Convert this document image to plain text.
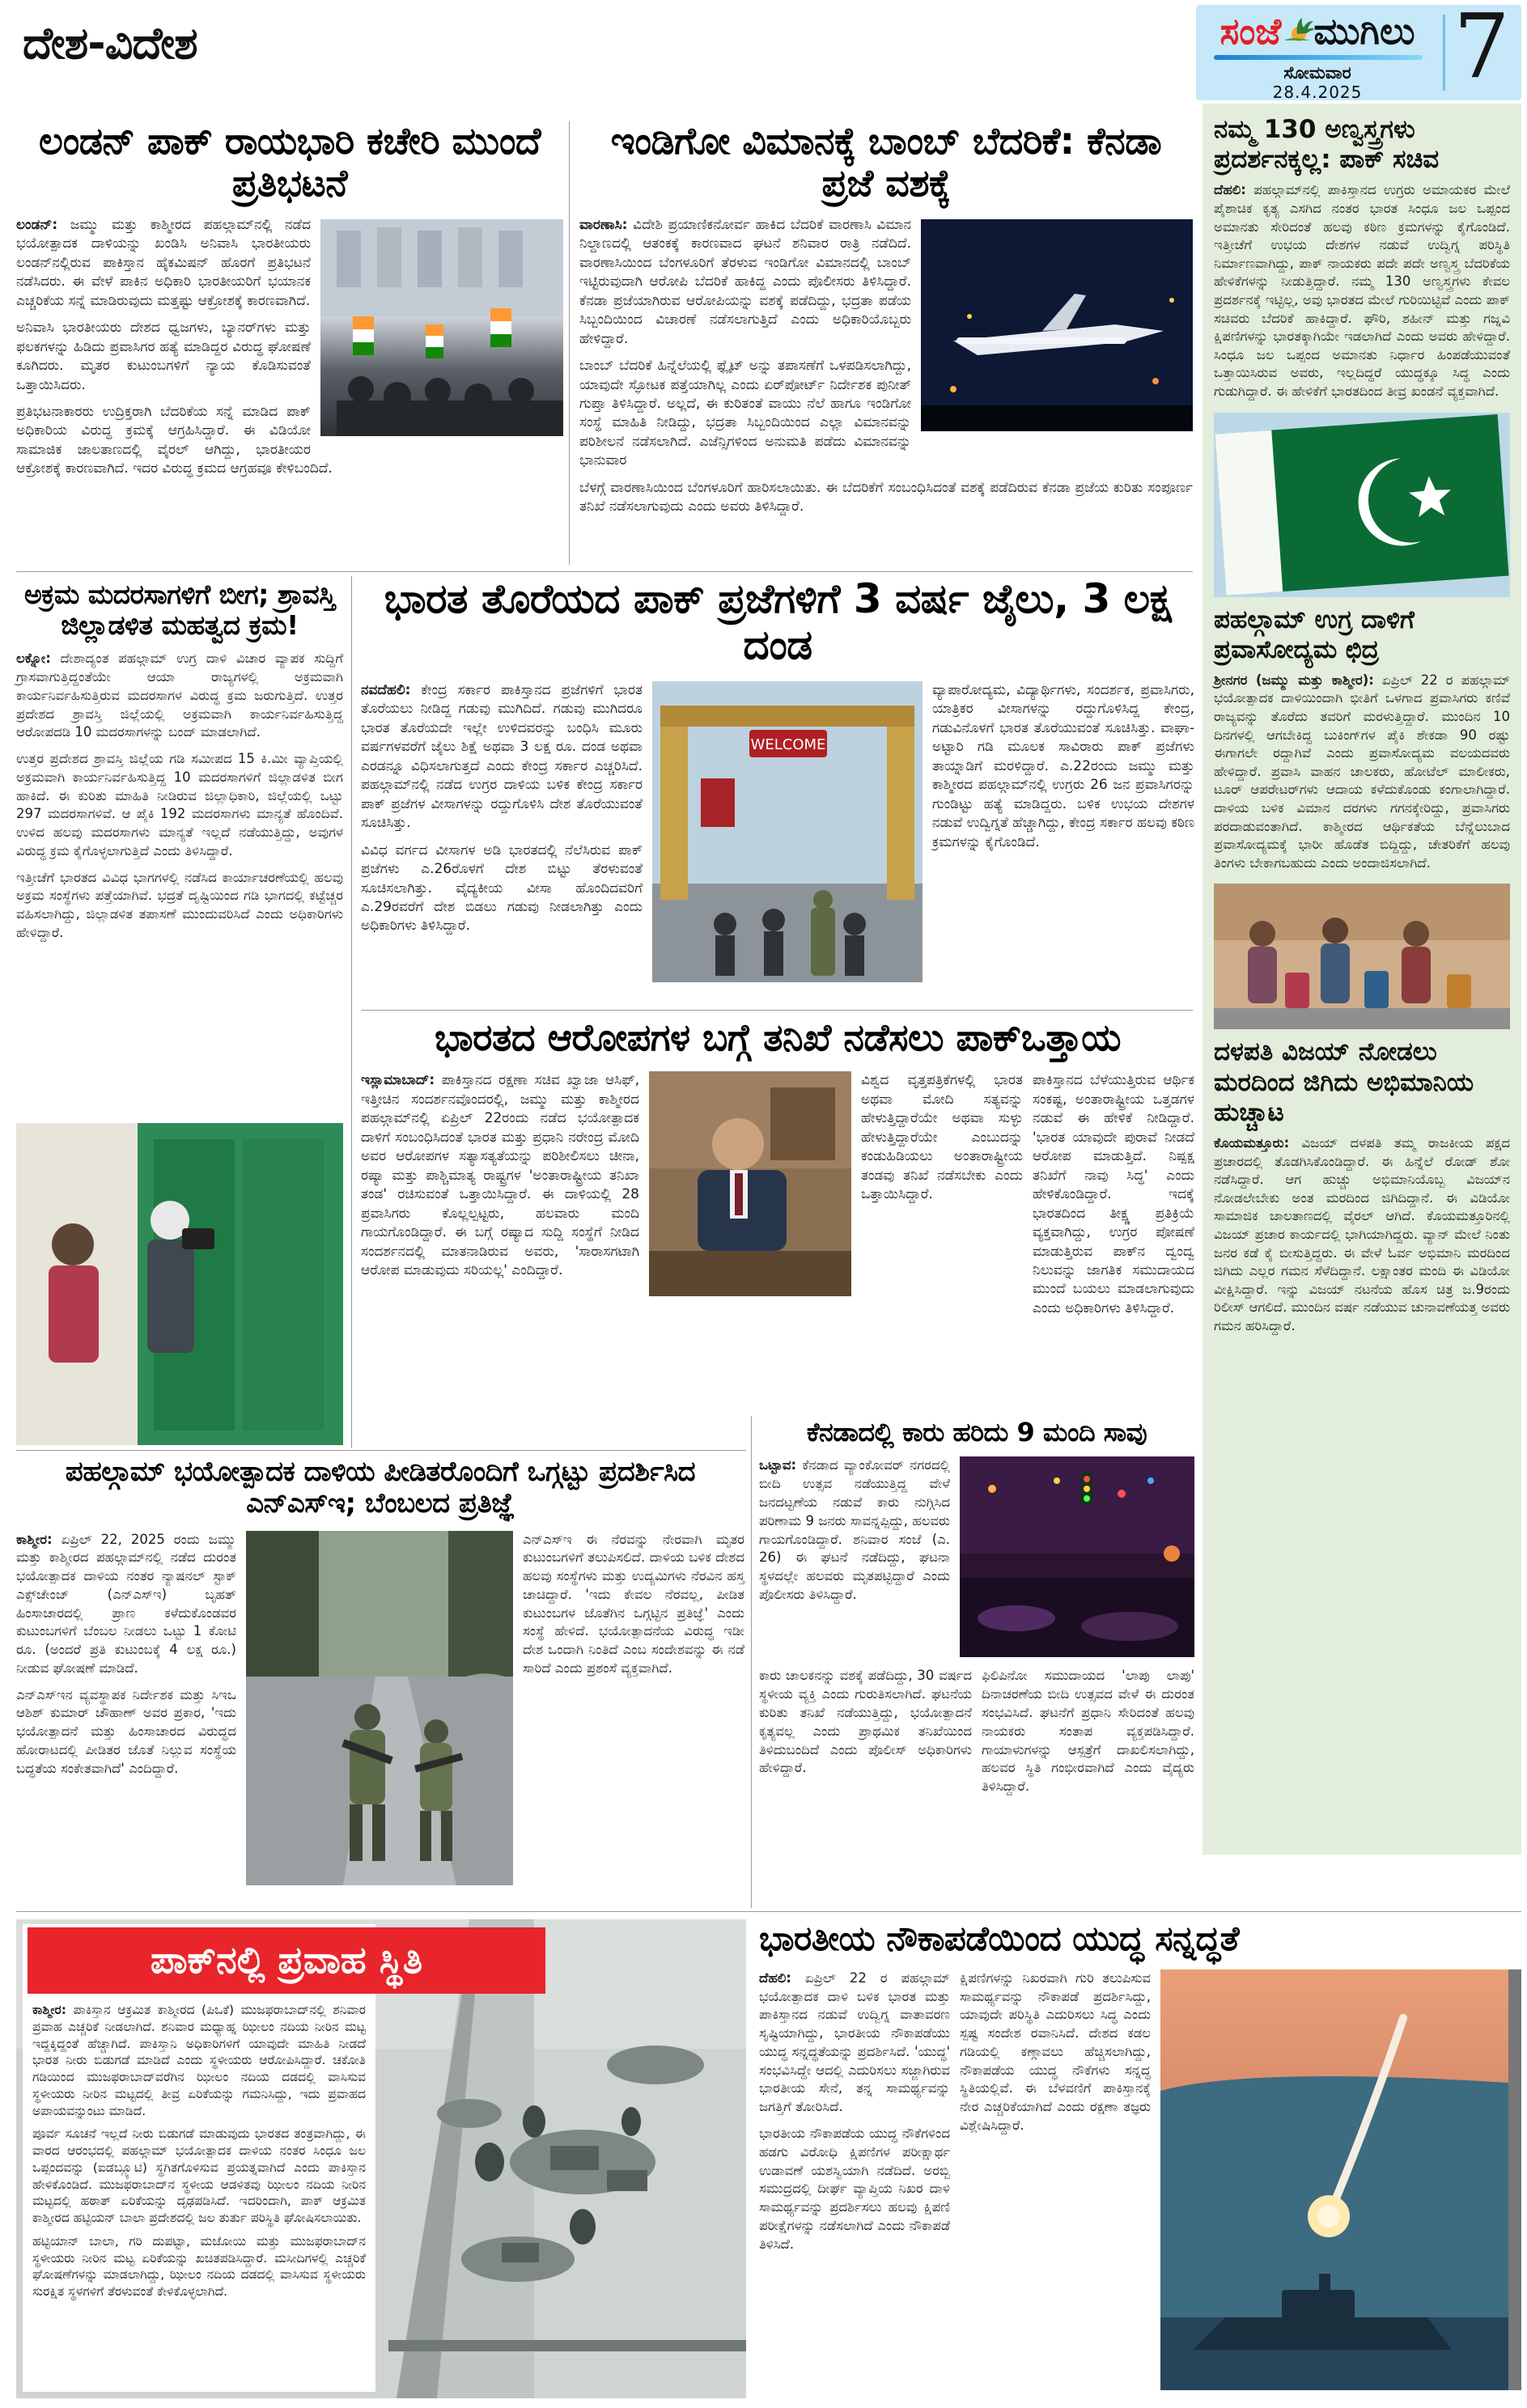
ದೇಶ-ವಿದೇಶ	ಸಂಜೆ ಮುಗಿಲು
ಸೋಮವಾರ
28.4.2025	7
ಲಂಡನ್ ಪಾಕ್ ರಾಯಭಾರಿ ಕಚೇರಿ ಮುಂದೆ ಪ್ರತಿಭಟನೆ

ಲಂಡನ್: ಜಮ್ಮು ಮತ್ತು ಕಾಶ್ಮೀರದ ಪಹಲ್ಗಾಮ್‌ನಲ್ಲಿ ನಡೆದ ಭಯೋತ್ಪಾದಕ ದಾಳಿಯನ್ನು ಖಂಡಿಸಿ ಅನಿವಾಸಿ ಭಾರತೀಯರು ಲಂಡನ್‌ನಲ್ಲಿರುವ ಪಾಕಿಸ್ತಾನ ಹೈಕಮಿಷನ್ ಹೊರಗೆ ಪ್ರತಿಭಟನೆ ನಡೆಸಿದರು. ಈ ವೇಳೆ ಪಾಕಿನ ಅಧಿಕಾರಿ ಭಾರತೀಯರಿಗೆ ಭಯಾನಕ ಎಚ್ಚರಿಕೆಯ ಸನ್ನೆ ಮಾಡಿರುವುದು ಮತ್ತಷ್ಟು ಆಕ್ರೋಶಕ್ಕೆ ಕಾರಣವಾಗಿದೆ.

ಅನಿವಾಸಿ ಭಾರತೀಯರು ದೇಶದ ಧ್ವಜಗಳು, ಬ್ಯಾನರ್‌ಗಳು ಮತ್ತು ಫಲಕಗಳನ್ನು ಹಿಡಿದು ಪ್ರವಾಸಿಗರ ಹತ್ಯೆ ಮಾಡಿದ್ದರ ವಿರುದ್ಧ ಘೋಷಣೆ ಕೂಗಿದರು. ಮೃತರ ಕುಟುಂಬಗಳಿಗೆ ನ್ಯಾಯ ಕೊಡಿಸುವಂತೆ ಒತ್ತಾಯಿಸಿದರು.

ಪ್ರತಿಭಟನಾಕಾರರು ಉದ್ರಿಕ್ತರಾಗಿ ಬೆದರಿಕೆಯ ಸನ್ನೆ ಮಾಡಿದ ಪಾಕ್ ಅಧಿಕಾರಿಯ ವಿರುದ್ಧ ಕ್ರಮಕ್ಕೆ ಆಗ್ರಹಿಸಿದ್ದಾರೆ. ಈ ವಿಡಿಯೋ ಸಾಮಾಜಿಕ ಜಾಲತಾಣದಲ್ಲಿ ವೈರಲ್ ಆಗಿದ್ದು, ಭಾರತೀಯರ ಆಕ್ರೋಶಕ್ಕೆ ಕಾರಣವಾಗಿದೆ. ಇದರ ವಿರುದ್ಧ ಕ್ರಮದ ಆಗ್ರಹವೂ ಕೇಳಿಬಂದಿದೆ.

ಇಂಡಿಗೋ ವಿಮಾನಕ್ಕೆ ಬಾಂಬ್ ಬೆದರಿಕೆ: ಕೆನಡಾ ಪ್ರಜೆ ವಶಕ್ಕೆ

ವಾರಣಾಸಿ: ವಿದೇಶಿ ಪ್ರಯಾಣಿಕನೋರ್ವ ಹಾಕಿದ ಬೆದರಿಕೆ ವಾರಣಾಸಿ ವಿಮಾನ ನಿಲ್ದಾಣದಲ್ಲಿ ಆತಂಕಕ್ಕೆ ಕಾರಣವಾದ ಘಟನೆ ಶನಿವಾರ ರಾತ್ರಿ ನಡೆದಿದೆ. ವಾರಣಾಸಿಯಿಂದ ಬೆಂಗಳೂರಿಗೆ ತೆರಳುವ ಇಂಡಿಗೋ ವಿಮಾನದಲ್ಲಿ ಬಾಂಬ್ ಇಟ್ಟಿರುವುದಾಗಿ ಆರೋಪಿ ಬೆದರಿಕೆ ಹಾಕಿದ್ದ ಎಂದು ಪೊಲೀಸರು ತಿಳಿಸಿದ್ದಾರೆ. ಕೆನಡಾ ಪ್ರಜೆಯಾಗಿರುವ ಆರೋಪಿಯನ್ನು ವಶಕ್ಕೆ ಪಡೆದಿದ್ದು, ಭದ್ರತಾ ಪಡೆಯ ಸಿಬ್ಬಂದಿಯಿಂದ ವಿಚಾರಣೆ ನಡೆಸಲಾಗುತ್ತಿದೆ ಎಂದು ಅಧಿಕಾರಿಯೊಬ್ಬರು ಹೇಳಿದ್ದಾರೆ.

ಬಾಂಬ್ ಬೆದರಿಕೆ ಹಿನ್ನೆಲೆಯಲ್ಲಿ ಫ್ಲೈಟ್ ಅನ್ನು ತಪಾಸಣೆಗೆ ಒಳಪಡಿಸಲಾಗಿದ್ದು, ಯಾವುದೇ ಸ್ಫೋಟಕ ಪತ್ತೆಯಾಗಿಲ್ಲ ಎಂದು ಏರ್‌ಪೋರ್ಟ್ ನಿರ್ದೇಶಕ ಪುನೀತ್ ಗುಪ್ತಾ ತಿಳಿಸಿದ್ದಾರೆ. ಅಲ್ಲದೆ, ಈ ಕುರಿತಂತೆ ವಾಯು ನೆಲೆ ಹಾಗೂ ಇಂಡಿಗೋ ಸಂಸ್ಥೆ ಮಾಹಿತಿ ನೀಡಿದ್ದು, ಭದ್ರತಾ ಸಿಬ್ಬಂದಿಯಿಂದ ಎಲ್ಲಾ ವಿಮಾನವನ್ನು ಪರಿಶೀಲನೆ ನಡೆಸಲಾಗಿದೆ. ಎಜೆನ್ಸಿಗಳಿಂದ ಅನುಮತಿ ಪಡೆದು ವಿಮಾನವನ್ನು ಭಾನುವಾರ

ಬೆಳಗ್ಗೆ ವಾರಣಾಸಿಯಿಂದ ಬೆಂಗಳೂರಿಗೆ ಹಾರಿಸಲಾಯಿತು. ಈ ಬೆದರಿಕೆಗೆ ಸಂಬಂಧಿಸಿದಂತೆ ವಶಕ್ಕೆ ಪಡೆದಿರುವ ಕೆನಡಾ ಪ್ರಜೆಯ ಕುರಿತು ಸಂಪೂರ್ಣ ತನಿಖೆ ನಡೆಸಲಾಗುವುದು ಎಂದು ಅವರು ತಿಳಿಸಿದ್ದಾರೆ.

ಅಕ್ರಮ ಮದರಸಾಗಳಿಗೆ ಬೀಗ; ಶ್ರಾವಸ್ತಿ ಜಿಲ್ಲಾಡಳಿತ ಮಹತ್ವದ ಕ್ರಮ!

ಲಕ್ನೋ: ದೇಶಾದ್ಯಂತ ಪಹಲ್ಗಾಮ್ ಉಗ್ರ ದಾಳಿ ವಿಚಾರ ವ್ಯಾಪಕ ಸುದ್ದಿಗೆ ಗ್ರಾಸವಾಗುತ್ತಿದ್ದಂತೆಯೇ ಆಯಾ ರಾಜ್ಯಗಳಲ್ಲಿ ಅಕ್ರಮವಾಗಿ ಕಾರ್ಯನಿರ್ವಹಿಸುತ್ತಿರುವ ಮದರಸಾಗಳ ವಿರುದ್ಧ ಕ್ರಮ ಜರುಗುತ್ತಿದೆ. ಉತ್ತರ ಪ್ರದೇಶದ ಶ್ರಾವಸ್ತಿ ಜಿಲ್ಲೆಯಲ್ಲಿ ಅಕ್ರಮವಾಗಿ ಕಾರ್ಯನಿರ್ವಹಿಸುತ್ತಿದ್ದ ಆರೋಪದಡಿ 10 ಮದರಸಾಗಳನ್ನು ಬಂದ್ ಮಾಡಲಾಗಿದೆ.

ಉತ್ತರ ಪ್ರದೇಶದ ಶ್ರಾವಸ್ತಿ ಜಿಲ್ಲೆಯ ಗಡಿ ಸಮೀಪದ 15 ಕಿ.ಮೀ ವ್ಯಾಪ್ತಿಯಲ್ಲಿ ಅಕ್ರಮವಾಗಿ ಕಾರ್ಯನಿರ್ವಹಿಸುತ್ತಿದ್ದ 10 ಮದರಸಾಗಳಿಗೆ ಜಿಲ್ಲಾಡಳಿತ ಬೀಗ ಹಾಕಿದೆ. ಈ ಕುರಿತು ಮಾಹಿತಿ ನೀಡಿರುವ ಜಿಲ್ಲಾಧಿಕಾರಿ, ಜಿಲ್ಲೆಯಲ್ಲಿ ಒಟ್ಟು 297 ಮದರಸಾಗಳಿವೆ. ಆ ಪೈಕಿ 192 ಮದರಸಾಗಳು ಮಾನ್ಯತೆ ಹೊಂದಿವೆ. ಉಳಿದ ಹಲವು ಮದರಸಾಗಳು ಮಾನ್ಯತೆ ಇಲ್ಲದೆ ನಡೆಯುತ್ತಿದ್ದು, ಅವುಗಳ ವಿರುದ್ಧ ಕ್ರಮ ಕೈಗೊಳ್ಳಲಾಗುತ್ತಿದೆ ಎಂದು ತಿಳಿಸಿದ್ದಾರೆ.

ಇತ್ತೀಚೆಗೆ ಭಾರತದ ವಿವಿಧ ಭಾಗಗಳಲ್ಲಿ ನಡೆಸಿದ ಕಾರ್ಯಾಚರಣೆಯಲ್ಲಿ ಹಲವು ಅಕ್ರಮ ಸಂಸ್ಥೆಗಳು ಪತ್ತೆಯಾಗಿವೆ. ಭದ್ರತೆ ದೃಷ್ಟಿಯಿಂದ ಗಡಿ ಭಾಗದಲ್ಲಿ ಕಟ್ಟೆಚ್ಚರ ವಹಿಸಲಾಗಿದ್ದು, ಜಿಲ್ಲಾಡಳಿತ ತಪಾಸಣೆ ಮುಂದುವರಿಸಿದೆ ಎಂದು ಅಧಿಕಾರಿಗಳು ಹೇಳಿದ್ದಾರೆ.

ಭಾರತ ತೊರೆಯದ ಪಾಕ್ ಪ್ರಜೆಗಳಿಗೆ 3 ವರ್ಷ ಜೈಲು, 3 ಲಕ್ಷ ದಂಡ

ನವದೆಹಲಿ: ಕೇಂದ್ರ ಸರ್ಕಾರ ಪಾಕಿಸ್ತಾನದ ಪ್ರಜೆಗಳಿಗೆ ಭಾರತ ತೊರೆಯಲು ನೀಡಿದ್ದ ಗಡುವು ಮುಗಿದಿದೆ. ಗಡುವು ಮುಗಿದರೂ ಭಾರತ ತೊರೆಯದೇ ಇಲ್ಲೇ ಉಳಿದವರನ್ನು ಬಂಧಿಸಿ ಮೂರು ವರ್ಷಗಳವರೆಗೆ ಜೈಲು ಶಿಕ್ಷೆ ಅಥವಾ 3 ಲಕ್ಷ ರೂ. ದಂಡ ಅಥವಾ ಎರಡನ್ನೂ ವಿಧಿಸಲಾಗುತ್ತದೆ ಎಂದು ಕೇಂದ್ರ ಸರ್ಕಾರ ಎಚ್ಚರಿಸಿದೆ. ಪಹಲ್ಗಾಮ್‌ನಲ್ಲಿ ನಡೆದ ಉಗ್ರರ ದಾಳಿಯ ಬಳಿಕ ಕೇಂದ್ರ ಸರ್ಕಾರ ಪಾಕ್ ಪ್ರಜೆಗಳ ವೀಸಾಗಳನ್ನು ರದ್ದುಗೊಳಿಸಿ ದೇಶ ತೊರೆಯುವಂತೆ ಸೂಚಿಸಿತ್ತು.

ವಿವಿಧ ವರ್ಗದ ವೀಸಾಗಳ ಅಡಿ ಭಾರತದಲ್ಲಿ ನೆಲೆಸಿರುವ ಪಾಕ್ ಪ್ರಜೆಗಳು ಎ.26ರೊಳಗೆ ದೇಶ ಬಿಟ್ಟು ತೆರಳುವಂತೆ ಸೂಚಿಸಲಾಗಿತ್ತು. ವೈದ್ಯಕೀಯ ವೀಸಾ ಹೊಂದಿದವರಿಗೆ ಎ.29ರವರೆಗೆ ದೇಶ ಬಿಡಲು ಗಡುವು ನೀಡಲಾಗಿತ್ತು ಎಂದು ಅಧಿಕಾರಿಗಳು ತಿಳಿಸಿದ್ದಾರೆ.

WELCOME

ವ್ಯಾಪಾರೋದ್ಯಮ, ವಿದ್ಯಾರ್ಥಿಗಳು, ಸಂದರ್ಶಕ, ಪ್ರವಾಸಿಗರು, ಯಾತ್ರಿಕರ ವೀಸಾಗಳನ್ನು ರದ್ದುಗೊಳಿಸಿದ್ದ ಕೇಂದ್ರ, ಗಡುವಿನೊಳಗೆ ಭಾರತ ತೊರೆಯುವಂತೆ ಸೂಚಿಸಿತ್ತು. ವಾಘಾ-ಅಟ್ಟಾರಿ ಗಡಿ ಮೂಲಕ ಸಾವಿರಾರು ಪಾಕ್ ಪ್ರಜೆಗಳು ತಾಯ್ನಾಡಿಗೆ ಮರಳಿದ್ದಾರೆ. ಎ.22ರಂದು ಜಮ್ಮು ಮತ್ತು ಕಾಶ್ಮೀರದ ಪಹಲ್ಗಾಮ್‌ನಲ್ಲಿ ಉಗ್ರರು 26 ಜನ ಪ್ರವಾಸಿಗರನ್ನು ಗುಂಡಿಟ್ಟು ಹತ್ಯೆ ಮಾಡಿದ್ದರು. ಬಳಿಕ ಉಭಯ ದೇಶಗಳ ನಡುವೆ ಉದ್ವಿಗ್ನತೆ ಹೆಚ್ಚಾಗಿದ್ದು, ಕೇಂದ್ರ ಸರ್ಕಾರ ಹಲವು ಕಠಿಣ ಕ್ರಮಗಳನ್ನು ಕೈಗೊಂಡಿದೆ.

ಭಾರತದ ಆರೋಪಗಳ ಬಗ್ಗೆ ತನಿಖೆ ನಡೆಸಲು ಪಾಕ್‌ಒತ್ತಾಯ

ಇಸ್ಲಾಮಾಬಾದ್: ಪಾಕಿಸ್ತಾನದ ರಕ್ಷಣಾ ಸಚಿವ ಖ್ವಾಜಾ ಆಸಿಫ್, ಇತ್ತೀಚಿನ ಸಂದರ್ಶನವೊಂದರಲ್ಲಿ, ಜಮ್ಮು ಮತ್ತು ಕಾಶ್ಮೀರದ ಪಹಲ್ಗಾಮ್‌ನಲ್ಲಿ ಏಪ್ರಿಲ್ 22ರಂದು ನಡೆದ ಭಯೋತ್ಪಾದಕ ದಾಳಿಗೆ ಸಂಬಂಧಿಸಿದಂತೆ ಭಾರತ ಮತ್ತು ಪ್ರಧಾನಿ ನರೇಂದ್ರ ಮೋದಿ ಅವರ ಆರೋಪಗಳ ಸತ್ಯಾಸತ್ಯತೆಯನ್ನು ಪರಿಶೀಲಿಸಲು ಚೀನಾ, ರಷ್ಯಾ ಮತ್ತು ಪಾಶ್ಚಿಮಾತ್ಯ ರಾಷ್ಟ್ರಗಳ 'ಅಂತಾರಾಷ್ಟ್ರೀಯ ತನಿಖಾ ತಂಡ' ರಚಿಸುವಂತೆ ಒತ್ತಾಯಿಸಿದ್ದಾರೆ. ಈ ದಾಳಿಯಲ್ಲಿ 28 ಪ್ರವಾಸಿಗರು ಕೊಲ್ಲಲ್ಪಟ್ಟರು, ಹಲವಾರು ಮಂದಿ ಗಾಯಗೊಂಡಿದ್ದಾರೆ. ಈ ಬಗ್ಗೆ ರಷ್ಯಾದ ಸುದ್ದಿ ಸಂಸ್ಥೆಗೆ ನೀಡಿದ ಸಂದರ್ಶನದಲ್ಲಿ ಮಾತನಾಡಿರುವ ಅವರು, 'ಸಾರಾಸಗಟಾಗಿ ಆರೋಪ ಮಾಡುವುದು ಸರಿಯಲ್ಲ' ಎಂದಿದ್ದಾರೆ.

ವಿಶ್ವದ ವೃತ್ತಪತ್ರಿಕೆಗಳಲ್ಲಿ ಭಾರತ ಅಥವಾ ಮೋದಿ ಸತ್ಯವನ್ನು ಹೇಳುತ್ತಿದ್ದಾರೆಯೇ ಅಥವಾ ಸುಳ್ಳು ಹೇಳುತ್ತಿದ್ದಾರೆಯೇ ಎಂಬುದನ್ನು ಕಂಡುಹಿಡಿಯಲು ಅಂತಾರಾಷ್ಟ್ರೀಯ ತಂಡವು ತನಿಖೆ ನಡೆಸಬೇಕು ಎಂದು ಒತ್ತಾಯಿಸಿದ್ದಾರೆ.

ಪಾಕಿಸ್ತಾನದ ಬೆಳೆಯುತ್ತಿರುವ ಆರ್ಥಿಕ ಸಂಕಷ್ಟ, ಅಂತಾರಾಷ್ಟ್ರೀಯ ಒತ್ತಡಗಳ ನಡುವೆ ಈ ಹೇಳಿಕೆ ನೀಡಿದ್ದಾರೆ. 'ಭಾರತ ಯಾವುದೇ ಪುರಾವೆ ನೀಡದೆ ಆರೋಪ ಮಾಡುತ್ತಿದೆ. ನಿಷ್ಪಕ್ಷ ತನಿಖೆಗೆ ನಾವು ಸಿದ್ಧ' ಎಂದು ಹೇಳಿಕೊಂಡಿದ್ದಾರೆ. ಇದಕ್ಕೆ ಭಾರತದಿಂದ ತೀಕ್ಷ್ಣ ಪ್ರತಿಕ್ರಿಯೆ ವ್ಯಕ್ತವಾಗಿದ್ದು, ಉಗ್ರರ ಪೋಷಣೆ ಮಾಡುತ್ತಿರುವ ಪಾಕ್‌ನ ದ್ವಂದ್ವ ನಿಲುವನ್ನು ಜಾಗತಿಕ ಸಮುದಾಯದ ಮುಂದೆ ಬಯಲು ಮಾಡಲಾಗುವುದು ಎಂದು ಅಧಿಕಾರಿಗಳು ತಿಳಿಸಿದ್ದಾರೆ.

ಪಹಲ್ಗಾಮ್ ಭಯೋತ್ಪಾದಕ ದಾಳಿಯ ಪೀಡಿತರೊಂದಿಗೆ ಒಗ್ಗಟ್ಟು ಪ್ರದರ್ಶಿಸಿದ ಎನ್‌ಎಸ್‌ಇ; ಬೆಂಬಲದ ಪ್ರತಿಜ್ಞೆ

ಕಾಶ್ಮೀರ: ಏಪ್ರಿಲ್ 22, 2025 ರಂದು ಜಮ್ಮು ಮತ್ತು ಕಾಶ್ಮೀರದ ಪಹಲ್ಗಾಮ್‌ನಲ್ಲಿ ನಡೆದ ದುರಂತ ಭಯೋತ್ಪಾದಕ ದಾಳಿಯ ನಂತರ ನ್ಯಾಷನಲ್ ಸ್ಟಾಕ್ ಎಕ್ಸ್‌ಚೇಂಜ್ (ಎನ್‌ಎಸ್‌ಇ) ಬೃಹತ್ ಹಿಂಸಾಚಾರದಲ್ಲಿ ಪ್ರಾಣ ಕಳೆದುಕೊಂಡವರ ಕುಟುಂಬಗಳಿಗೆ ಬೆಂಬಲ ನೀಡಲು ಒಟ್ಟು 1 ಕೋಟಿ ರೂ. (ಅಂದರೆ ಪ್ರತಿ ಕುಟುಂಬಕ್ಕೆ 4 ಲಕ್ಷ ರೂ.) ನೀಡುವ ಘೋಷಣೆ ಮಾಡಿದೆ.

ಎನ್‌ಎಸ್‌ಇನ ವ್ಯವಸ್ಥಾಪಕ ನಿರ್ದೇಶಕ ಮತ್ತು ಸಿಇಒ ಆಶಿಶ್ ಕುಮಾರ್ ಚೌಹಾಣ್ ಅವರ ಪ್ರಕಾರ, 'ಇದು ಭಯೋತ್ಪಾದನೆ ಮತ್ತು ಹಿಂಸಾಚಾರದ ವಿರುದ್ಧದ ಹೋರಾಟದಲ್ಲಿ ಪೀಡಿತರ ಜೊತೆ ನಿಲ್ಲುವ ಸಂಸ್ಥೆಯ ಬದ್ಧತೆಯ ಸಂಕೇತವಾಗಿದೆ' ಎಂದಿದ್ದಾರೆ.

ಎನ್‌ಎಸ್‌ಇ ಈ ನೆರವನ್ನು ನೇರವಾಗಿ ಮೃತರ ಕುಟುಂಬಗಳಿಗೆ ತಲುಪಿಸಲಿದೆ. ದಾಳಿಯ ಬಳಿಕ ದೇಶದ ಹಲವು ಸಂಸ್ಥೆಗಳು ಮತ್ತು ಉದ್ಯಮಿಗಳು ನೆರವಿನ ಹಸ್ತ ಚಾಚಿದ್ದಾರೆ. 'ಇದು ಕೇವಲ ನೆರವಲ್ಲ, ಪೀಡಿತ ಕುಟುಂಬಗಳ ಜೊತೆಗಿನ ಒಗ್ಗಟ್ಟಿನ ಪ್ರತಿಜ್ಞೆ' ಎಂದು ಸಂಸ್ಥೆ ಹೇಳಿದೆ. ಭಯೋತ್ಪಾದನೆಯ ವಿರುದ್ಧ ಇಡೀ ದೇಶ ಒಂದಾಗಿ ನಿಂತಿದೆ ಎಂಬ ಸಂದೇಶವನ್ನು ಈ ನಡೆ ಸಾರಿದೆ ಎಂದು ಪ್ರಶಂಸೆ ವ್ಯಕ್ತವಾಗಿದೆ.

ಕೆನಡಾದಲ್ಲಿ ಕಾರು ಹರಿದು 9 ಮಂದಿ ಸಾವು

ಒಟ್ಟಾವ: ಕೆನಡಾದ ವ್ಯಾಂಕೋವರ್ ನಗರದಲ್ಲಿ ಬೀದಿ ಉತ್ಸವ ನಡೆಯುತ್ತಿದ್ದ ವೇಳೆ ಜನದಟ್ಟಣೆಯ ನಡುವೆ ಕಾರು ನುಗ್ಗಿಸಿದ ಪರಿಣಾಮ 9 ಜನರು ಸಾವನ್ನಪ್ಪಿದ್ದು, ಹಲವರು ಗಾಯಗೊಂಡಿದ್ದಾರೆ. ಶನಿವಾರ ಸಂಜೆ (ಎ. 26) ಈ ಘಟನೆ ನಡೆದಿದ್ದು, ಘಟನಾ ಸ್ಥಳದಲ್ಲೇ ಹಲವರು ಮೃತಪಟ್ಟಿದ್ದಾರೆ ಎಂದು ಪೊಲೀಸರು ತಿಳಿಸಿದ್ದಾರೆ.

ಕಾರು ಚಾಲಕನನ್ನು ವಶಕ್ಕೆ ಪಡೆದಿದ್ದು, 30 ವರ್ಷದ ಸ್ಥಳೀಯ ವ್ಯಕ್ತಿ ಎಂದು ಗುರುತಿಸಲಾಗಿದೆ. ಘಟನೆಯ ಕುರಿತು ತನಿಖೆ ನಡೆಯುತ್ತಿದ್ದು, ಭಯೋತ್ಪಾದನೆ ಕೃತ್ಯವಲ್ಲ ಎಂದು ಪ್ರಾಥಮಿಕ ತನಿಖೆಯಿಂದ ತಿಳಿದುಬಂದಿದೆ ಎಂದು ಪೊಲೀಸ್ ಅಧಿಕಾರಿಗಳು ಹೇಳಿದ್ದಾರೆ.

ಫಿಲಿಪಿನೋ ಸಮುದಾಯದ 'ಲಾಪು ಲಾಪು' ದಿನಾಚರಣೆಯ ಬೀದಿ ಉತ್ಸವದ ವೇಳೆ ಈ ದುರಂತ ಸಂಭವಿಸಿದೆ. ಘಟನೆಗೆ ಪ್ರಧಾನಿ ಸೇರಿದಂತೆ ಹಲವು ನಾಯಕರು ಸಂತಾಪ ವ್ಯಕ್ತಪಡಿಸಿದ್ದಾರೆ. ಗಾಯಾಳುಗಳನ್ನು ಆಸ್ಪತ್ರೆಗೆ ದಾಖಲಿಸಲಾಗಿದ್ದು, ಹಲವರ ಸ್ಥಿತಿ ಗಂಭೀರವಾಗಿದೆ ಎಂದು ವೈದ್ಯರು ತಿಳಿಸಿದ್ದಾರೆ.

ಕಾಶ್ಮೀರ: ಪಾಕಿಸ್ತಾನ ಆಕ್ರಮಿತ ಕಾಶ್ಮೀರದ (ಪಿಒಕೆ) ಮುಜಫರಾಬಾದ್‌ನಲ್ಲಿ ಶನಿವಾರ ಪ್ರವಾಹ ಎಚ್ಚರಿಕೆ ನೀಡಲಾಗಿದೆ. ಶನಿವಾರ ಮಧ್ಯಾಹ್ನ ಝೀಲಂ ನದಿಯ ನೀರಿನ ಮಟ್ಟ ಇದ್ದಕ್ಕಿದ್ದಂತೆ ಹೆಚ್ಚಾಗಿದೆ. ಪಾಕಿಸ್ತಾನಿ ಅಧಿಕಾರಿಗಳಿಗೆ ಯಾವುದೇ ಮಾಹಿತಿ ನೀಡದೆ ಭಾರತ ನೀರು ಬಿಡುಗಡೆ ಮಾಡಿದೆ ಎಂದು ಸ್ಥಳೀಯರು ಆರೋಪಿಸಿದ್ದಾರೆ. ಚಕೋತಿ ಗಡಿಯಿಂದ ಮುಜಫರಾಬಾದ್‌ವರೆಗಿನ ಝೀಲಂ ನದಿಯ ದಡದಲ್ಲಿ ವಾಸಿಸುವ ಸ್ಥಳೀಯರು ನೀರಿನ ಮಟ್ಟದಲ್ಲಿ ತೀವ್ರ ಏರಿಕೆಯನ್ನು ಗಮನಿಸಿದ್ದು, ಇದು ಪ್ರವಾಹದ ಅಪಾಯವನ್ನುಂಟು ಮಾಡಿದೆ.

ಪೂರ್ವ ಸೂಚನೆ ಇಲ್ಲದೆ ನೀರು ಬಿಡುಗಡೆ ಮಾಡುವುದು ಭಾರತದ ತಂತ್ರವಾಗಿದ್ದು, ಈ ವಾರದ ಆರಂಭದಲ್ಲಿ ಪಹಲ್ಗಾಮ್ ಭಯೋತ್ಪಾದಕ ದಾಳಿಯ ನಂತರ ಸಿಂಧೂ ಜಲ ಒಪ್ಪಂದವನ್ನು (ಐಡಬ್ಲ್ಯೂಟಿ) ಸ್ಥಗಿತಗೊಳಿಸುವ ಪ್ರಯತ್ನವಾಗಿದೆ ಎಂದು ಪಾಕಿಸ್ತಾನ ಹೇಳಿಕೊಂಡಿದೆ. ಮುಜಫರಾಬಾದ್‌ನ ಸ್ಥಳೀಯ ಆಡಳಿತವು ಝೀಲಂ ನದಿಯ ನೀರಿನ ಮಟ್ಟದಲ್ಲಿ ಹಠಾತ್ ಏರಿಕೆಯನ್ನು ದೃಢಪಡಿಸಿದೆ. ಇದರಿಂದಾಗಿ, ಪಾಕ್ ಆಕ್ರಮಿತ ಕಾಶ್ಮೀರದ ಹಟ್ಟಿಯನ್ ಬಾಲಾ ಪ್ರದೇಶದಲ್ಲಿ ಜಲ ತುರ್ತು ಪರಿಸ್ಥಿತಿ ಘೋಷಿಸಲಾಯಿತು.

ಹಟ್ಟಿಯಾನ್ ಬಾಲಾ, ಗರಿ ದುಪಟ್ಟಾ, ಮಜೋಯಿ ಮತ್ತು ಮುಜಫರಾಬಾದ್‌ನ ಸ್ಥಳೀಯರು ನೀರಿನ ಮಟ್ಟ ಏರಿಕೆಯನ್ನು ಖಚಿತಪಡಿಸಿದ್ದಾರೆ. ಮಸೀದಿಗಳಲ್ಲಿ ಎಚ್ಚರಿಕೆ ಘೋಷಣೆಗಳನ್ನು ಮಾಡಲಾಗಿದ್ದು, ಝೀಲಂ ನದಿಯ ದಡದಲ್ಲಿ ವಾಸಿಸುವ ಸ್ಥಳೀಯರು ಸುರಕ್ಷಿತ ಸ್ಥಳಗಳಿಗೆ ತೆರಳುವಂತೆ ಕೇಳಿಕೊಳ್ಳಲಾಗಿದೆ.

ಪಾಕ್‌ನಲ್ಲಿ ಪ್ರವಾಹ ಸ್ಥಿತಿ	ಭಾರತೀಯ ನೌಕಾಪಡೆಯಿಂದ ಯುದ್ಧ ಸನ್ನದ್ಧತೆ

ದೆಹಲಿ: ಏಪ್ರಿಲ್ 22 ರ ಪಹಲ್ಗಾಮ್ ಭಯೋತ್ಪಾದಕ ದಾಳಿ ಬಳಿಕ ಭಾರತ ಮತ್ತು ಪಾಕಿಸ್ತಾನದ ನಡುವೆ ಉದ್ವಿಗ್ನ ವಾತಾವರಣ ಸೃಷ್ಟಿಯಾಗಿದ್ದು, ಭಾರತೀಯ ನೌಕಾಪಡೆಯು ಯುದ್ಧ ಸನ್ನದ್ಧತೆಯನ್ನು ಪ್ರದರ್ಶಿಸಿದೆ. 'ಯುದ್ಧ' ಸಂಭವಿಸಿದ್ದೇ ಆದಲ್ಲಿ ಎದುರಿಸಲು ಸಜ್ಜಾಗಿರುವ ಭಾರತೀಯ ಸೇನೆ, ತನ್ನ ಸಾಮರ್ಥ್ಯವನ್ನು ಜಗತ್ತಿಗೆ ತೋರಿಸಿದೆ.

ಭಾರತೀಯ ನೌಕಾಪಡೆಯ ಯುದ್ಧ ನೌಕೆಗಳಿಂದ ಹಡಗು ವಿರೋಧಿ ಕ್ಷಿಪಣಿಗಳ ಪರೀಕ್ಷಾರ್ಥ ಉಡಾವಣೆ ಯಶಸ್ವಿಯಾಗಿ ನಡೆದಿದೆ. ಅರಬ್ಬಿ ಸಮುದ್ರದಲ್ಲಿ ದೀರ್ಘ ವ್ಯಾಪ್ತಿಯ ನಿಖರ ದಾಳಿ ಸಾಮರ್ಥ್ಯವನ್ನು ಪ್ರದರ್ಶಿಸಲು ಹಲವು ಕ್ಷಿಪಣಿ ಪರೀಕ್ಷೆಗಳನ್ನು ನಡೆಸಲಾಗಿದೆ ಎಂದು ನೌಕಾಪಡೆ ತಿಳಿಸಿದೆ.

ಕ್ಷಿಪಣಿಗಳನ್ನು ನಿಖರವಾಗಿ ಗುರಿ ತಲುಪಿಸುವ ಸಾಮರ್ಥ್ಯವನ್ನು ನೌಕಾಪಡೆ ಪ್ರದರ್ಶಿಸಿದ್ದು, ಯಾವುದೇ ಪರಿಸ್ಥಿತಿ ಎದುರಿಸಲು ಸಿದ್ಧ ಎಂದು ಸ್ಪಷ್ಟ ಸಂದೇಶ ರವಾನಿಸಿದೆ. ದೇಶದ ಕಡಲ ಗಡಿಯಲ್ಲಿ ಕಣ್ಗಾವಲು ಹೆಚ್ಚಿಸಲಾಗಿದ್ದು, ನೌಕಾಪಡೆಯ ಯುದ್ಧ ನೌಕೆಗಳು ಸನ್ನದ್ಧ ಸ್ಥಿತಿಯಲ್ಲಿವೆ. ಈ ಬೆಳವಣಿಗೆ ಪಾಕಿಸ್ತಾನಕ್ಕೆ ನೇರ ಎಚ್ಚರಿಕೆಯಾಗಿದೆ ಎಂದು ರಕ್ಷಣಾ ತಜ್ಞರು ವಿಶ್ಲೇಷಿಸಿದ್ದಾರೆ.

ನಮ್ಮ 130 ಅಣ್ವಸ್ತ್ರಗಳು ಪ್ರದರ್ಶನಕ್ಕಲ್ಲ: ಪಾಕ್ ಸಚಿವ

ದೆಹಲಿ: ಪಹಲ್ಗಾಮ್‌ನಲ್ಲಿ ಪಾಕಿಸ್ತಾನದ ಉಗ್ರರು ಅಮಾಯಕರ ಮೇಲೆ ಪೈಶಾಚಿಕ ಕೃತ್ಯ ಎಸಗಿದ ನಂತರ ಭಾರತ ಸಿಂಧೂ ಜಲ ಒಪ್ಪಂದ ಅಮಾನತು ಸೇರಿದಂತೆ ಹಲವು ಕಠಿಣ ಕ್ರಮಗಳನ್ನು ಕೈಗೊಂಡಿದೆ. ಇತ್ತೀಚೆಗೆ ಉಭಯ ದೇಶಗಳ ನಡುವೆ ಉದ್ವಿಗ್ನ ಪರಿಸ್ಥಿತಿ ನಿರ್ಮಾಣವಾಗಿದ್ದು, ಪಾಕ್ ನಾಯಕರು ಪದೇ ಪದೇ ಅಣ್ವಸ್ತ್ರ ಬೆದರಿಕೆಯ ಹೇಳಿಕೆಗಳನ್ನು ನೀಡುತ್ತಿದ್ದಾರೆ. ನಮ್ಮ 130 ಅಣ್ವಸ್ತ್ರಗಳು ಕೇವಲ ಪ್ರದರ್ಶನಕ್ಕೆ ಇಟ್ಟಿಲ್ಲ, ಅವು ಭಾರತದ ಮೇಲೆ ಗುರಿಯಿಟ್ಟಿವೆ ಎಂದು ಪಾಕ್ ಸಚಿವರು ಬೆದರಿಕೆ ಹಾಕಿದ್ದಾರೆ. ಘೌರಿ, ಶಹೀನ್ ಮತ್ತು ಗಜ್ನವಿ ಕ್ಷಿಪಣಿಗಳನ್ನು ಭಾರತಕ್ಕಾಗಿಯೇ ಇಡಲಾಗಿದೆ ಎಂದು ಅವರು ಹೇಳಿದ್ದಾರೆ. ಸಿಂಧೂ ಜಲ ಒಪ್ಪಂದ ಅಮಾನತು ನಿರ್ಧಾರ ಹಿಂಪಡೆಯುವಂತೆ ಒತ್ತಾಯಿಸಿರುವ ಅವರು, ಇಲ್ಲದಿದ್ದರೆ ಯುದ್ಧಕ್ಕೂ ಸಿದ್ಧ ಎಂದು ಗುಡುಗಿದ್ದಾರೆ. ಈ ಹೇಳಿಕೆಗೆ ಭಾರತದಿಂದ ತೀವ್ರ ಖಂಡನೆ ವ್ಯಕ್ತವಾಗಿದೆ.

ಪಹಲ್ಗಾಮ್ ಉಗ್ರ ದಾಳಿಗೆ ಪ್ರವಾಸೋದ್ಯಮ ಛಿದ್ರ

ಶ್ರೀನಗರ (ಜಮ್ಮು ಮತ್ತು ಕಾಶ್ಮೀರ): ಏಪ್ರಿಲ್ 22 ರ ಪಹಲ್ಗಾಮ್ ಭಯೋತ್ಪಾದಕ ದಾಳಿಯಿಂದಾಗಿ ಭೀತಿಗೆ ಒಳಗಾದ ಪ್ರವಾಸಿಗರು ಕಣಿವೆ ರಾಜ್ಯವನ್ನು ತೊರೆದು ತವರಿಗೆ ಮರಳುತ್ತಿದ್ದಾರೆ. ಮುಂದಿನ 10 ದಿನಗಳಲ್ಲಿ ಆಗಬೇಕಿದ್ದ ಬುಕಿಂಗ್‌ಗಳ ಪೈಕಿ ಶೇಕಡಾ 90 ರಷ್ಟು ಈಗಾಗಲೇ ರದ್ದಾಗಿವೆ ಎಂದು ಪ್ರವಾಸೋದ್ಯಮ ವಲಯದವರು ಹೇಳಿದ್ದಾರೆ. ಪ್ರವಾಸಿ ವಾಹನ ಚಾಲಕರು, ಹೋಟೆಲ್ ಮಾಲೀಕರು, ಟೂರ್ ಆಪರೇಟರ್‌ಗಳು ಆದಾಯ ಕಳೆದುಕೊಂಡು ಕಂಗಾಲಾಗಿದ್ದಾರೆ. ದಾಳಿಯ ಬಳಿಕ ವಿಮಾನ ದರಗಳು ಗಗನಕ್ಕೇರಿದ್ದು, ಪ್ರವಾಸಿಗರು ಪರದಾಡುವಂತಾಗಿದೆ. ಕಾಶ್ಮೀರದ ಆರ್ಥಿಕತೆಯ ಬೆನ್ನೆಲುಬಾದ ಪ್ರವಾಸೋದ್ಯಮಕ್ಕೆ ಭಾರೀ ಹೊಡೆತ ಬಿದ್ದಿದ್ದು, ಚೇತರಿಕೆಗೆ ಹಲವು ತಿಂಗಳು ಬೇಕಾಗಬಹುದು ಎಂದು ಅಂದಾಜಿಸಲಾಗಿದೆ.

ದಳಪತಿ ವಿಜಯ್ ನೋಡಲು ಮರದಿಂದ ಜಿಗಿದು ಅಭಿಮಾನಿಯ ಹುಚ್ಚಾಟ

ಕೊಯಮತ್ತೂರು: ವಿಜಯ್ ದಳಪತಿ ತಮ್ಮ ರಾಜಕೀಯ ಪಕ್ಷದ ಪ್ರಚಾರದಲ್ಲಿ ತೊಡಗಿಸಿಕೊಂಡಿದ್ದಾರೆ. ಈ ಹಿನ್ನೆಲೆ ರೋಡ್ ಶೋ ನಡೆಸಿದ್ದಾರೆ. ಆಗ ಹುಚ್ಚು ಅಭಿಮಾನಿಯೊಬ್ಬ ವಿಜಯ್‌ನ ನೋಡಲೇಬೇಕು ಅಂತ ಮರದಿಂದ ಜಿಗಿದಿದ್ದಾನೆ. ಈ ವಿಡಿಯೋ ಸಾಮಾಜಿಕ ಜಾಲತಾಣದಲ್ಲಿ ವೈರಲ್ ಆಗಿದೆ. ಕೊಯಮತ್ತೂರಿನಲ್ಲಿ ವಿಜಯ್ ಪ್ರಚಾರ ಕಾರ್ಯದಲ್ಲಿ ಭಾಗಿಯಾಗಿದ್ದರು. ವ್ಯಾನ್ ಮೇಲೆ ನಿಂತು ಜನರ ಕಡೆ ಕೈ ಬೀಸುತ್ತಿದ್ದರು. ಈ ವೇಳೆ ಓರ್ವ ಅಭಿಮಾನಿ ಮರದಿಂದ ಜಿಗಿದು ಎಲ್ಲರ ಗಮನ ಸೆಳೆದಿದ್ದಾನೆ. ಲಕ್ಷಾಂತರ ಮಂದಿ ಈ ವಿಡಿಯೋ ವೀಕ್ಷಿಸಿದ್ದಾರೆ. ಇನ್ನು ವಿಜಯ್ ನಟನೆಯ ಹೊಸ ಚಿತ್ರ ಜ.9ರಂದು ರಿಲೀಸ್ ಆಗಲಿದೆ. ಮುಂದಿನ ವರ್ಷ ನಡೆಯುವ ಚುನಾವಣೆಯತ್ತ ಅವರು ಗಮನ ಹರಿಸಿದ್ದಾರೆ.
